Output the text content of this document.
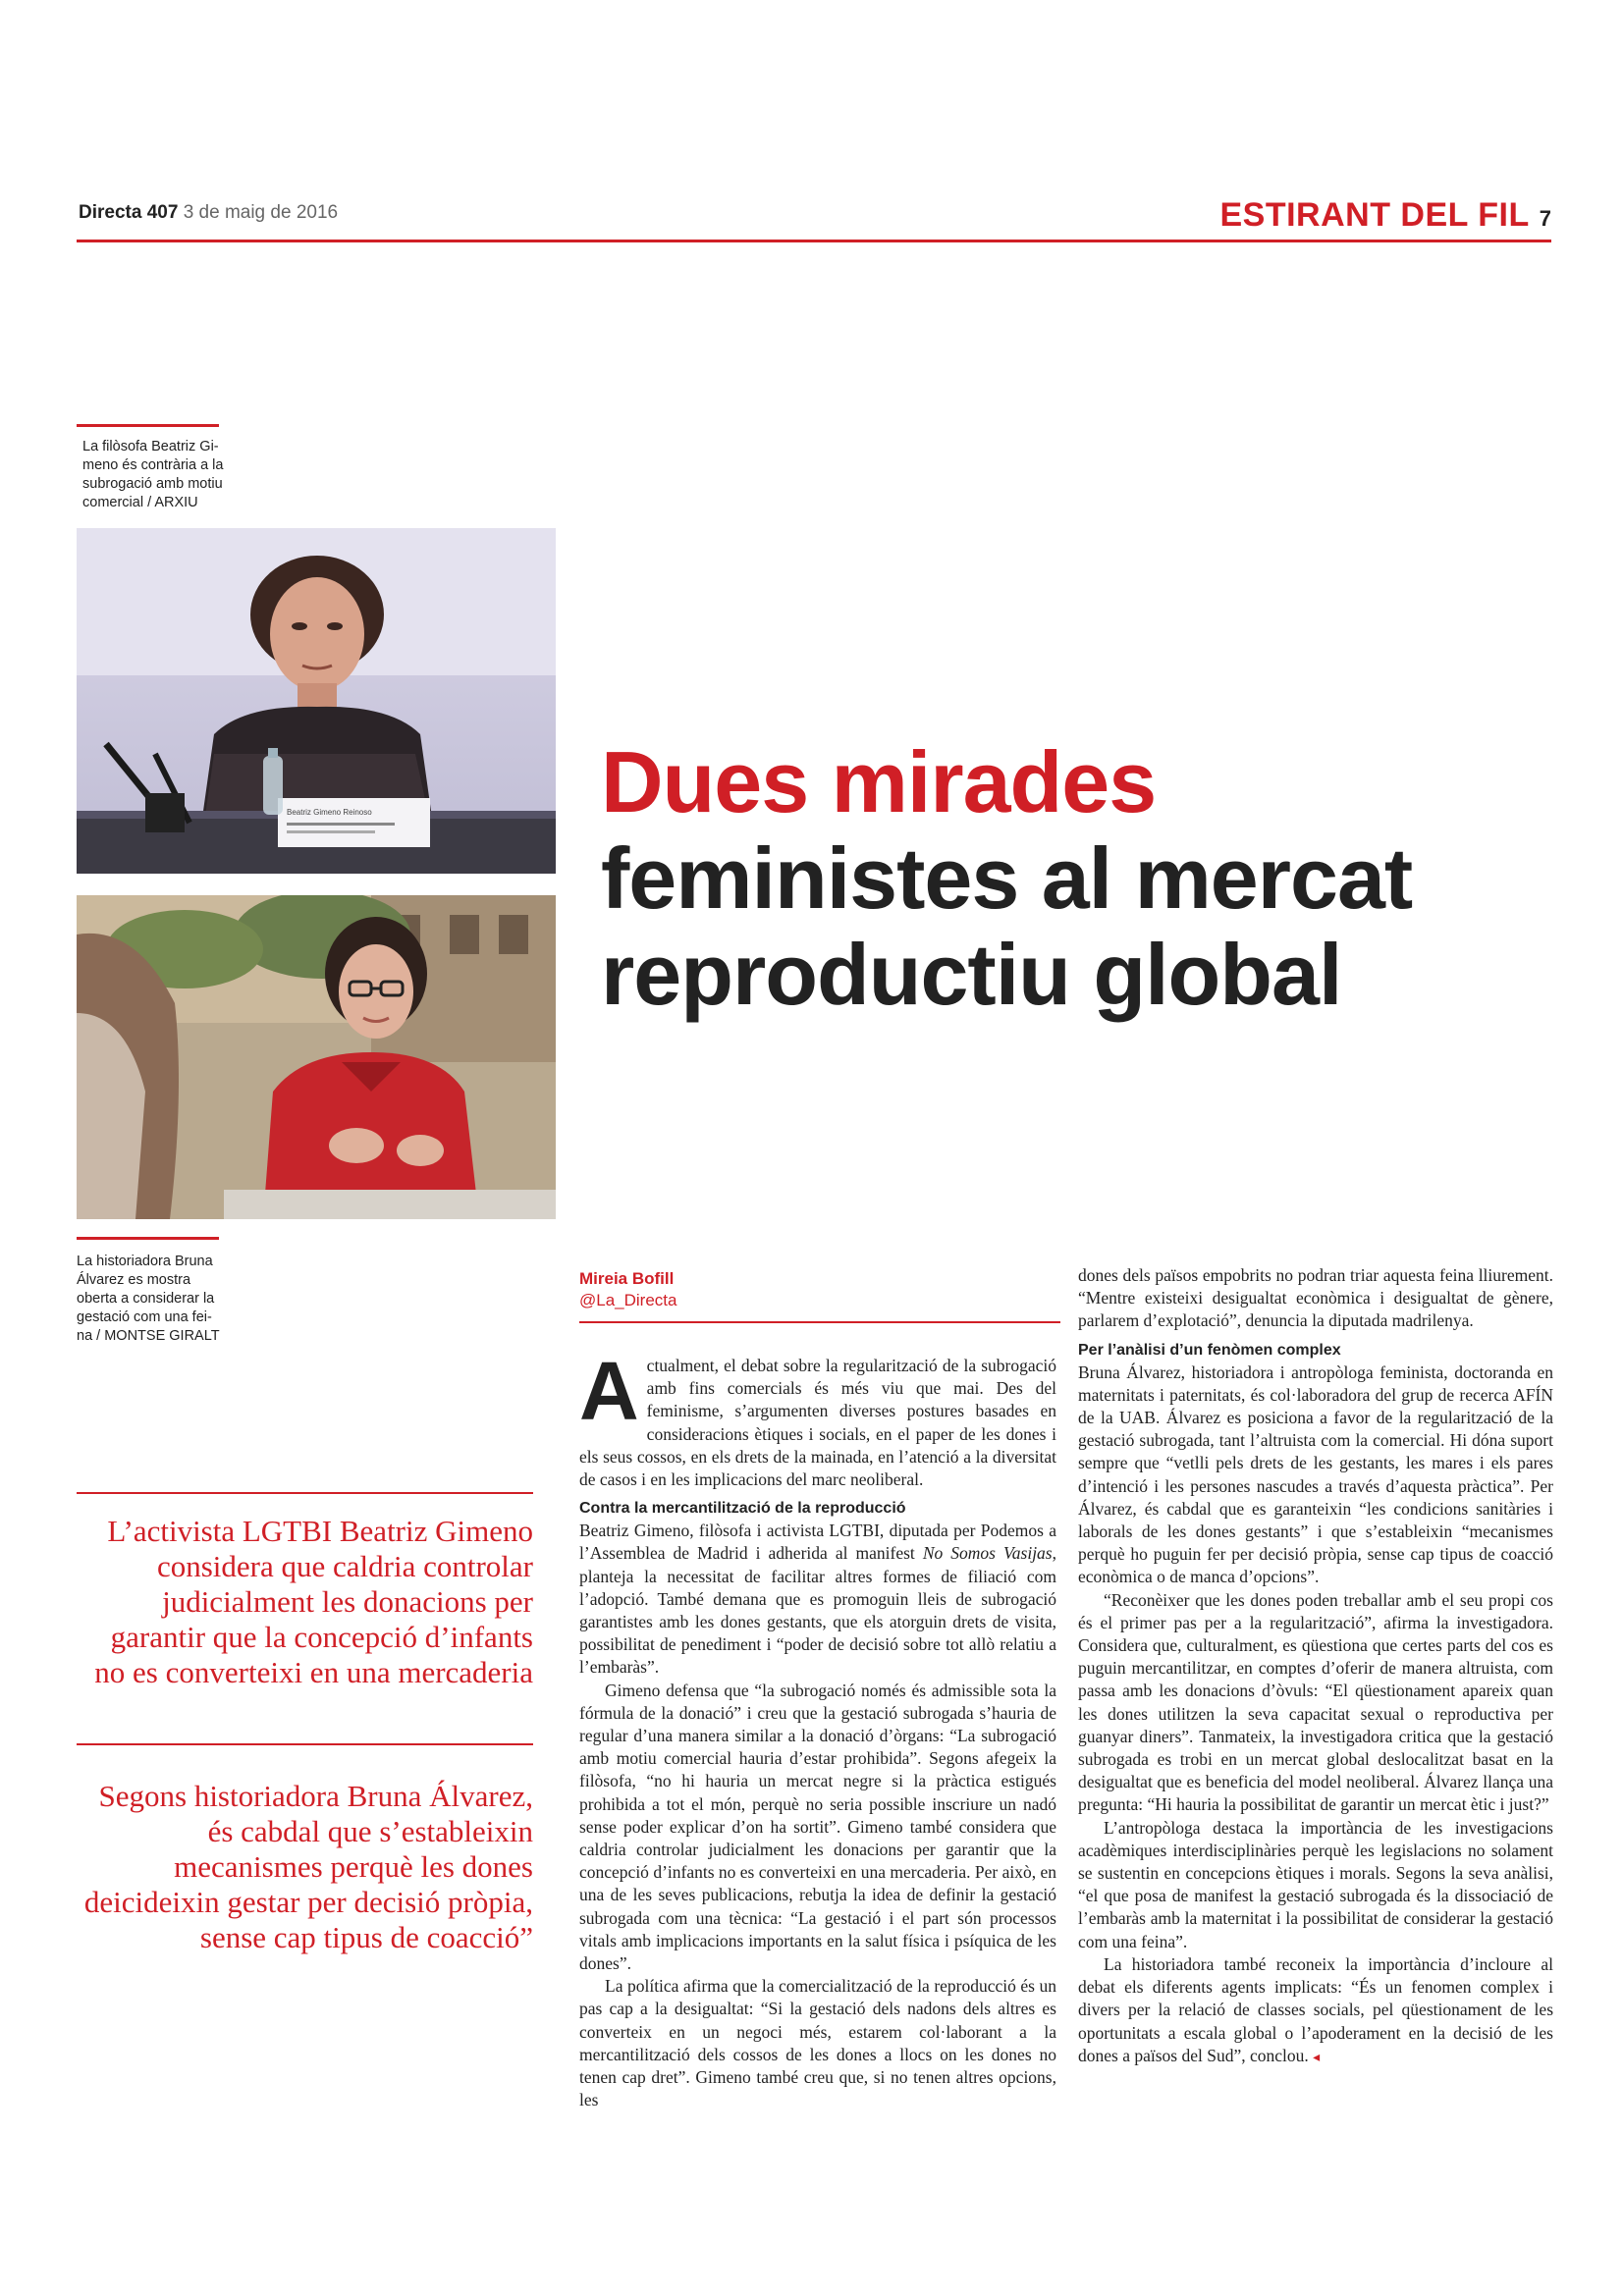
Directa 407 3 de maig de 2016	ESTIRANT DEL FIL 7
La filòsofa Beatriz Gi- meno és contrària a la subrogació amb motiu comercial / ARXIU
Beatriz Gimeno Reinoso
La historiadora Bruna Álvarez es mostra oberta a considerar la gestació com una fei- na / MONTSE GIRALT
Dues mirades
feministes al mercat
reproductiu global
Mireia Bofill
@La_Directa
L’activista LGTBI Beatriz Gimeno considera que caldria controlar judicialment les donacions per garantir que la concepció d’infants no es converteixi en una mercaderia
Segons historiadora Bruna Álvarez, és cabdal que s’estableixin mecanismes perquè les dones deicideixin gestar per decisió pròpia, sense cap tipus de coacció”

Actualment, el debat sobre la regularització de la subrogació amb fins comercials és més viu que mai. Des del feminisme, s’argumenten diverses postures basades en consideracions ètiques i socials, en el paper de les dones i els seus cossos, en els drets de la mainada, en l’atenció a la diversitat de casos i en les implicacions del marc neoliberal.

Contra la mercantilització de la reproducció

Beatriz Gimeno, filòsofa i activista LGTBI, diputada per Podemos a l’Assemblea de Madrid i adherida al manifest No Somos Vasijas, planteja la necessitat de facilitar altres formes de filiació com l’adopció. També demana que es promoguin lleis de subrogació garantistes amb les dones gestants, que els atorguin drets de visita, possibilitat de penediment i “poder de decisió sobre tot allò relatiu a l’embaràs”.

Gimeno defensa que “la subrogació només és admissible sota la fórmula de la donació” i creu que la gestació subrogada s’hauria de regular d’una manera similar a la donació d’òrgans: “La subrogació amb motiu comercial hauria d’estar prohibida”. Segons afegeix la filòsofa, “no hi hauria un mercat negre si la pràctica estigués prohibida a tot el món, perquè no seria possible inscriure un nadó sense poder explicar d’on ha sortit”. Gimeno també considera que caldria controlar judicialment les donacions per garantir que la concepció d’infants no es converteixi en una mercaderia. Per això, en una de les seves publicacions, rebutja la idea de definir la gestació subrogada com una tècnica: “La gestació i el part són processos vitals amb implicacions importants en la salut física i psíquica de les dones”.

La política afirma que la comercialització de la reproducció és un pas cap a la desigualtat: “Si la gestació dels nadons dels altres es converteix en un negoci més, estarem col·laborant a la mercantilització dels cossos de les dones a llocs on les dones no tenen cap dret”. Gimeno també creu que, si no tenen altres opcions, les

dones dels països empobrits no podran triar aquesta feina lliurement. “Mentre existeixi desigualtat econòmica i desigualtat de gènere, parlarem d’explotació”, denuncia la diputada madrilenya.

Per l’anàlisi d’un fenòmen complex

Bruna Álvarez, historiadora i antropòloga feminista, doctoranda en maternitats i paternitats, és col·laboradora del grup de recerca AFÍN de la UAB. Álvarez es posiciona a favor de la regularització de la gestació subrogada, tant l’altruista com la comercial. Hi dóna suport sempre que “vetlli pels drets de les gestants, les mares i els pares d’intenció i les persones nascudes a través d’aquesta pràctica”. Per Álvarez, és cabdal que es garanteixin “les condicions sanitàries i laborals de les dones gestants” i que s’estableixin “mecanismes perquè ho puguin fer per decisió pròpia, sense cap tipus de coacció econòmica o de manca d’opcions”.

“Reconèixer que les dones poden treballar amb el seu propi cos és el primer pas per a la regularització”, afirma la investigadora. Considera que, culturalment, es qüestiona que certes parts del cos es puguin mercantilitzar, en comptes d’oferir de manera altruista, com passa amb les donacions d’òvuls: “El qüestionament apareix quan les dones utilitzen la seva capacitat sexual o reproductiva per guanyar diners”. Tanmateix, la investigadora critica que la gestació subrogada es trobi en un mercat global deslocalitzat basat en la desigualtat que es beneficia del model neoliberal. Álvarez llança una pregunta: “Hi hauria la possibilitat de garantir un mercat ètic i just?”

L’antropòloga destaca la importància de les investigacions acadèmiques interdisciplinàries perquè les legislacions no solament se sustentin en concepcions ètiques i morals. Segons la seva anàlisi, “el que posa de manifest la gestació subrogada és la dissociació de l’embaràs amb la maternitat i la possibilitat de considerar la gestació com una feina”.

La historiadora també reconeix la importància d’incloure al debat els diferents agents implicats: “És un fenomen complex i divers per la relació de classes socials, pel qüestionament de les oportunitats a escala global o l’apoderament en la decisió de les dones a països del Sud”, conclou. ◂
